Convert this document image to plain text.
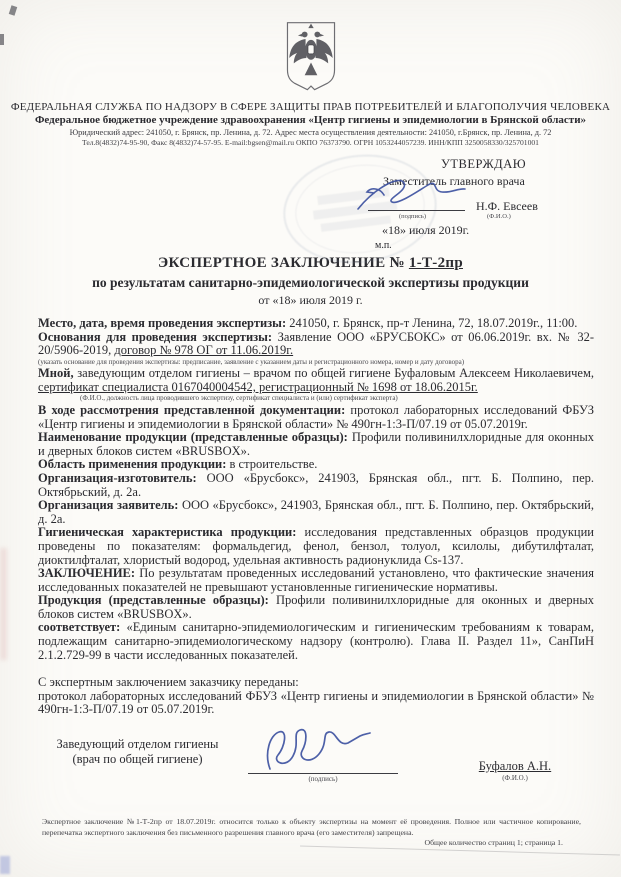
ФЕДЕРАЛЬНАЯ СЛУЖБА ПО НАДЗОРУ В СФЕРЕ ЗАЩИТЫ ПРАВ ПОТРЕБИТЕЛЕЙ И БЛАГОПОЛУЧИЯ ЧЕЛОВЕКА
Федеральное бюджетное учреждение здравоохранения «Центр гигиены и эпидемиологии в Брянской области»
Юридический адрес: 241050, г. Брянск, пр. Ленина, д. 72. Адрес места осуществления деятельности: 241050, г.Брянск, пр. Ленина, д. 72
Тел.8(4832)74-95-90, Факс 8(4832)74-57-95. E-mail:bgsen@mail.ru ОКПО 76373790. ОГРН 1053244057239. ИНН/КПП 3250058330/325701001
УТВЕРЖДАЮ
Заместитель главного врача
Н.Ф. Евсеев
(подпись)	(Ф.И.О.)
«18» июля 2019г.
м.п.
ЭКСПЕРТНОЕ ЗАКЛЮЧЕНИЕ № 1-Т-2пр
по результатам санитарно-эпидемиологической экспертизы продукции
от «18» июля 2019 г.

Место, дата, время проведения экспертизы: 241050, г. Брянск, пр-т Ленина, 72, 18.07.2019г., 11:00.

Основания для проведения экспертизы: Заявление ООО «БРУСБОКС» от 06.06.2019г. вх. № 32-20/5906-2019, договор № 978 ОГ от 11.06.2019г.

(указать основание для проведения экспертизы: предписание, заявление с указанием даты и регистрационного номера, номер и дату договора)

Мной, заведующим отделом гигиены – врачом по общей гигиене Буфаловым Алексеем Николаевичем, сертификат специалиста 0167040004542, регистрационный № 1698 от 18.06.2015г.

(Ф.И.О., должность лица проводившего экспертизу, сертификат специалиста и (или) сертификат эксперта)

В ходе рассмотрения представленной документации: протокол лабораторных исследований ФБУЗ «Центр гигиены и эпидемиологии в Брянской области» № 490гн-1:3-П/07.19 от 05.07.2019г.

Наименование продукции (представленные образцы): Профили поливинилхлоридные для оконных и дверных блоков систем «BRUSBOX».

Область применения продукции: в строительстве.

Организация-изготовитель: ООО «Брусбокс», 241903, Брянская обл., пгт. Б. Полпино, пер. Октябрьский, д. 2а.

Организация заявитель: ООО «Брусбокс», 241903, Брянская обл., пгт. Б. Полпино, пер. Октябрьский, д. 2а.

Гигиеническая характеристика продукции: исследования представленных образцов продукции проведены по показателям: формальдегид, фенол, бензол, толуол, ксилолы, дибутилфталат, диоктилфталат, хлористый водород, удельная активность радионуклида Cs-137.

ЗАКЛЮЧЕНИЕ: По результатам проведенных исследований установлено, что фактические значения исследованных показателей не превышают установленные гигиенические нормативы.

Продукция (представленные образцы): Профили поливинилхлоридные для оконных и дверных блоков систем «BRUSBOX».

соответствует: «Единым санитарно-эпидемиологическим и гигиеническим требованиям к товарам, подлежащим санитарно-эпидемиологическому надзору (контролю). Глава II. Раздел 11», СанПиН 2.1.2.729-99 в части исследованных показателей.

С экспертным заключением заказчику переданы:

протокол лабораторных исследований ФБУЗ «Центр гигиены и эпидемиологии в Брянской области» № 490гн-1:3-П/07.19 от 05.07.2019г.

Заведующий отделом гигиены
(врач по общей гигиене)
(подпись)
Буфалов А.Н.
(Ф.И.О.)
Экспертное заключение №1-Т-2пр от 18.07.2019г. относится только к объекту экспертизы на момент её проведения. Полное или частичное копирование, перепечатка экспертного заключения без письменного разрешения главного врача (его заместителя) запрещена.
Общее количество страниц 1; страница 1.
